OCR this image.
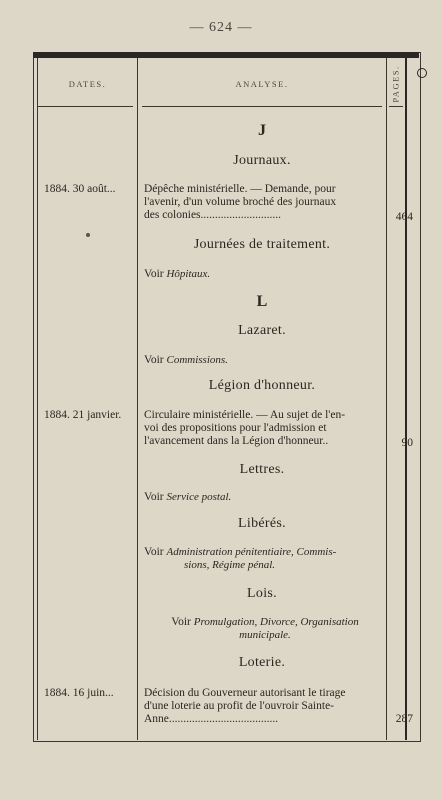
— 624 —
DATES.	ANALYSE.	PAGES.
J
Journaux.
1884. 30 août...	Dépêche ministérielle. — Demande, pour
l'avenir, d'un volume broché des journaux
des colonies............................	464
Journées de traitement.
Voir Hôpitaux.
L
Lazaret.
Voir Commissions.
Légion d'honneur.
1884. 21 janvier.	Circulaire ministérielle. — Au sujet de l'en-
voi des propositions pour l'admission et
l'avancement dans la Légion d'honneur..	90
Lettres.
Voir Service postal.
Libérés.
Voir Administration pénitentiaire, Commis-
sions, Régime pénal.
Lois.
Voir Promulgation, Divorce, Organisation
municipale.
Loterie.
1884. 16 juin...	Décision du Gouverneur autorisant le tirage
d'une loterie au profit de l'ouvroir Sainte-
Anne......................................	287
